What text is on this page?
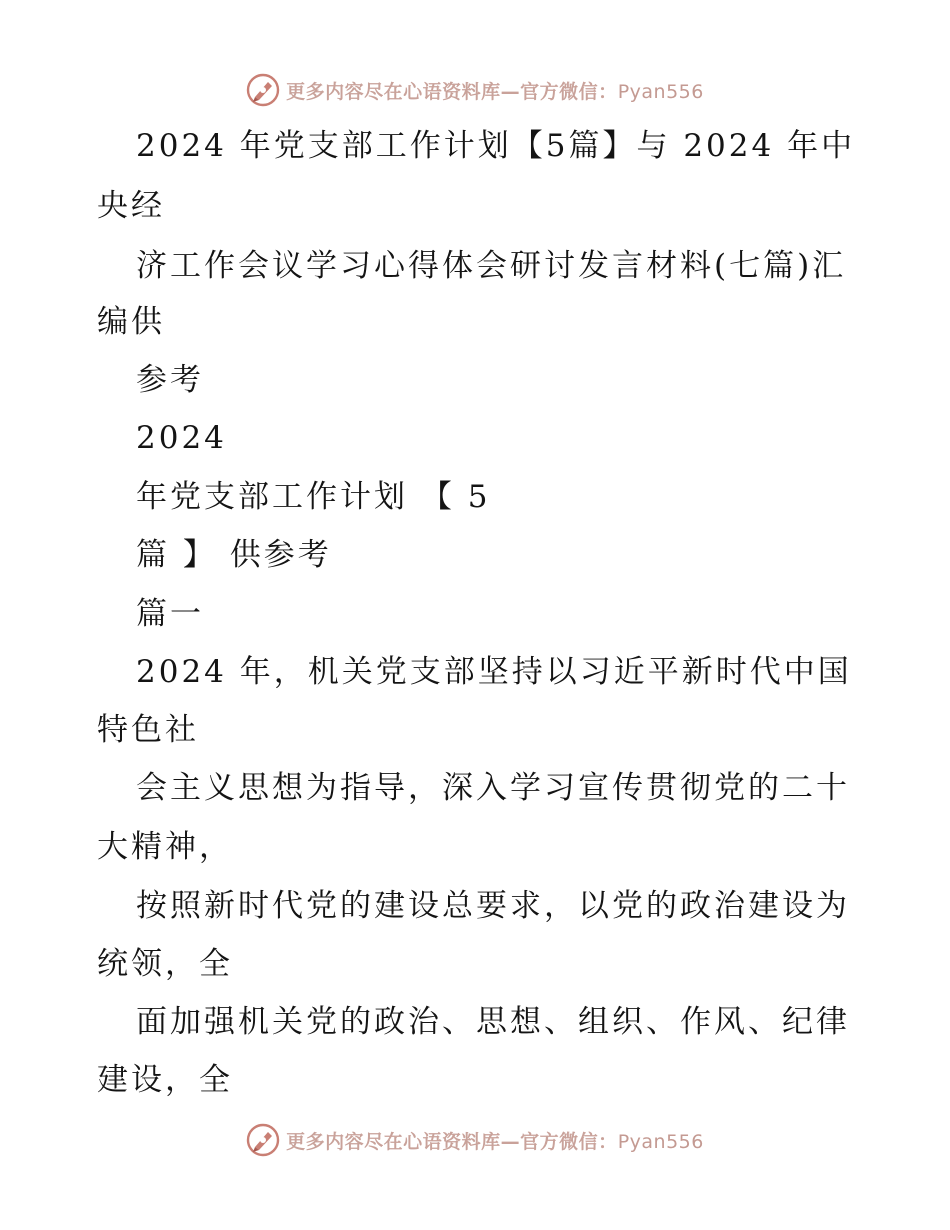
更多内容尽在心语资料库—官方微信：Pyan556
2024 年党支部工作计划【5篇】与 2024 年中
央经
济工作会议学习心得体会研讨发言材料(七篇)汇
编供
参考
2024
年党支部工作计划 【 5
篇 】 供参考
篇一
2024 年，机关党支部坚持以习近平新时代中国
特色社
会主义思想为指导，深入学习宣传贯彻党的二十
大精神，
按照新时代党的建设总要求，以党的政治建设为
统领，全
面加强机关党的政治、思想、组织、作风、纪律
建设，全
更多内容尽在心语资料库—官方微信：Pyan556
